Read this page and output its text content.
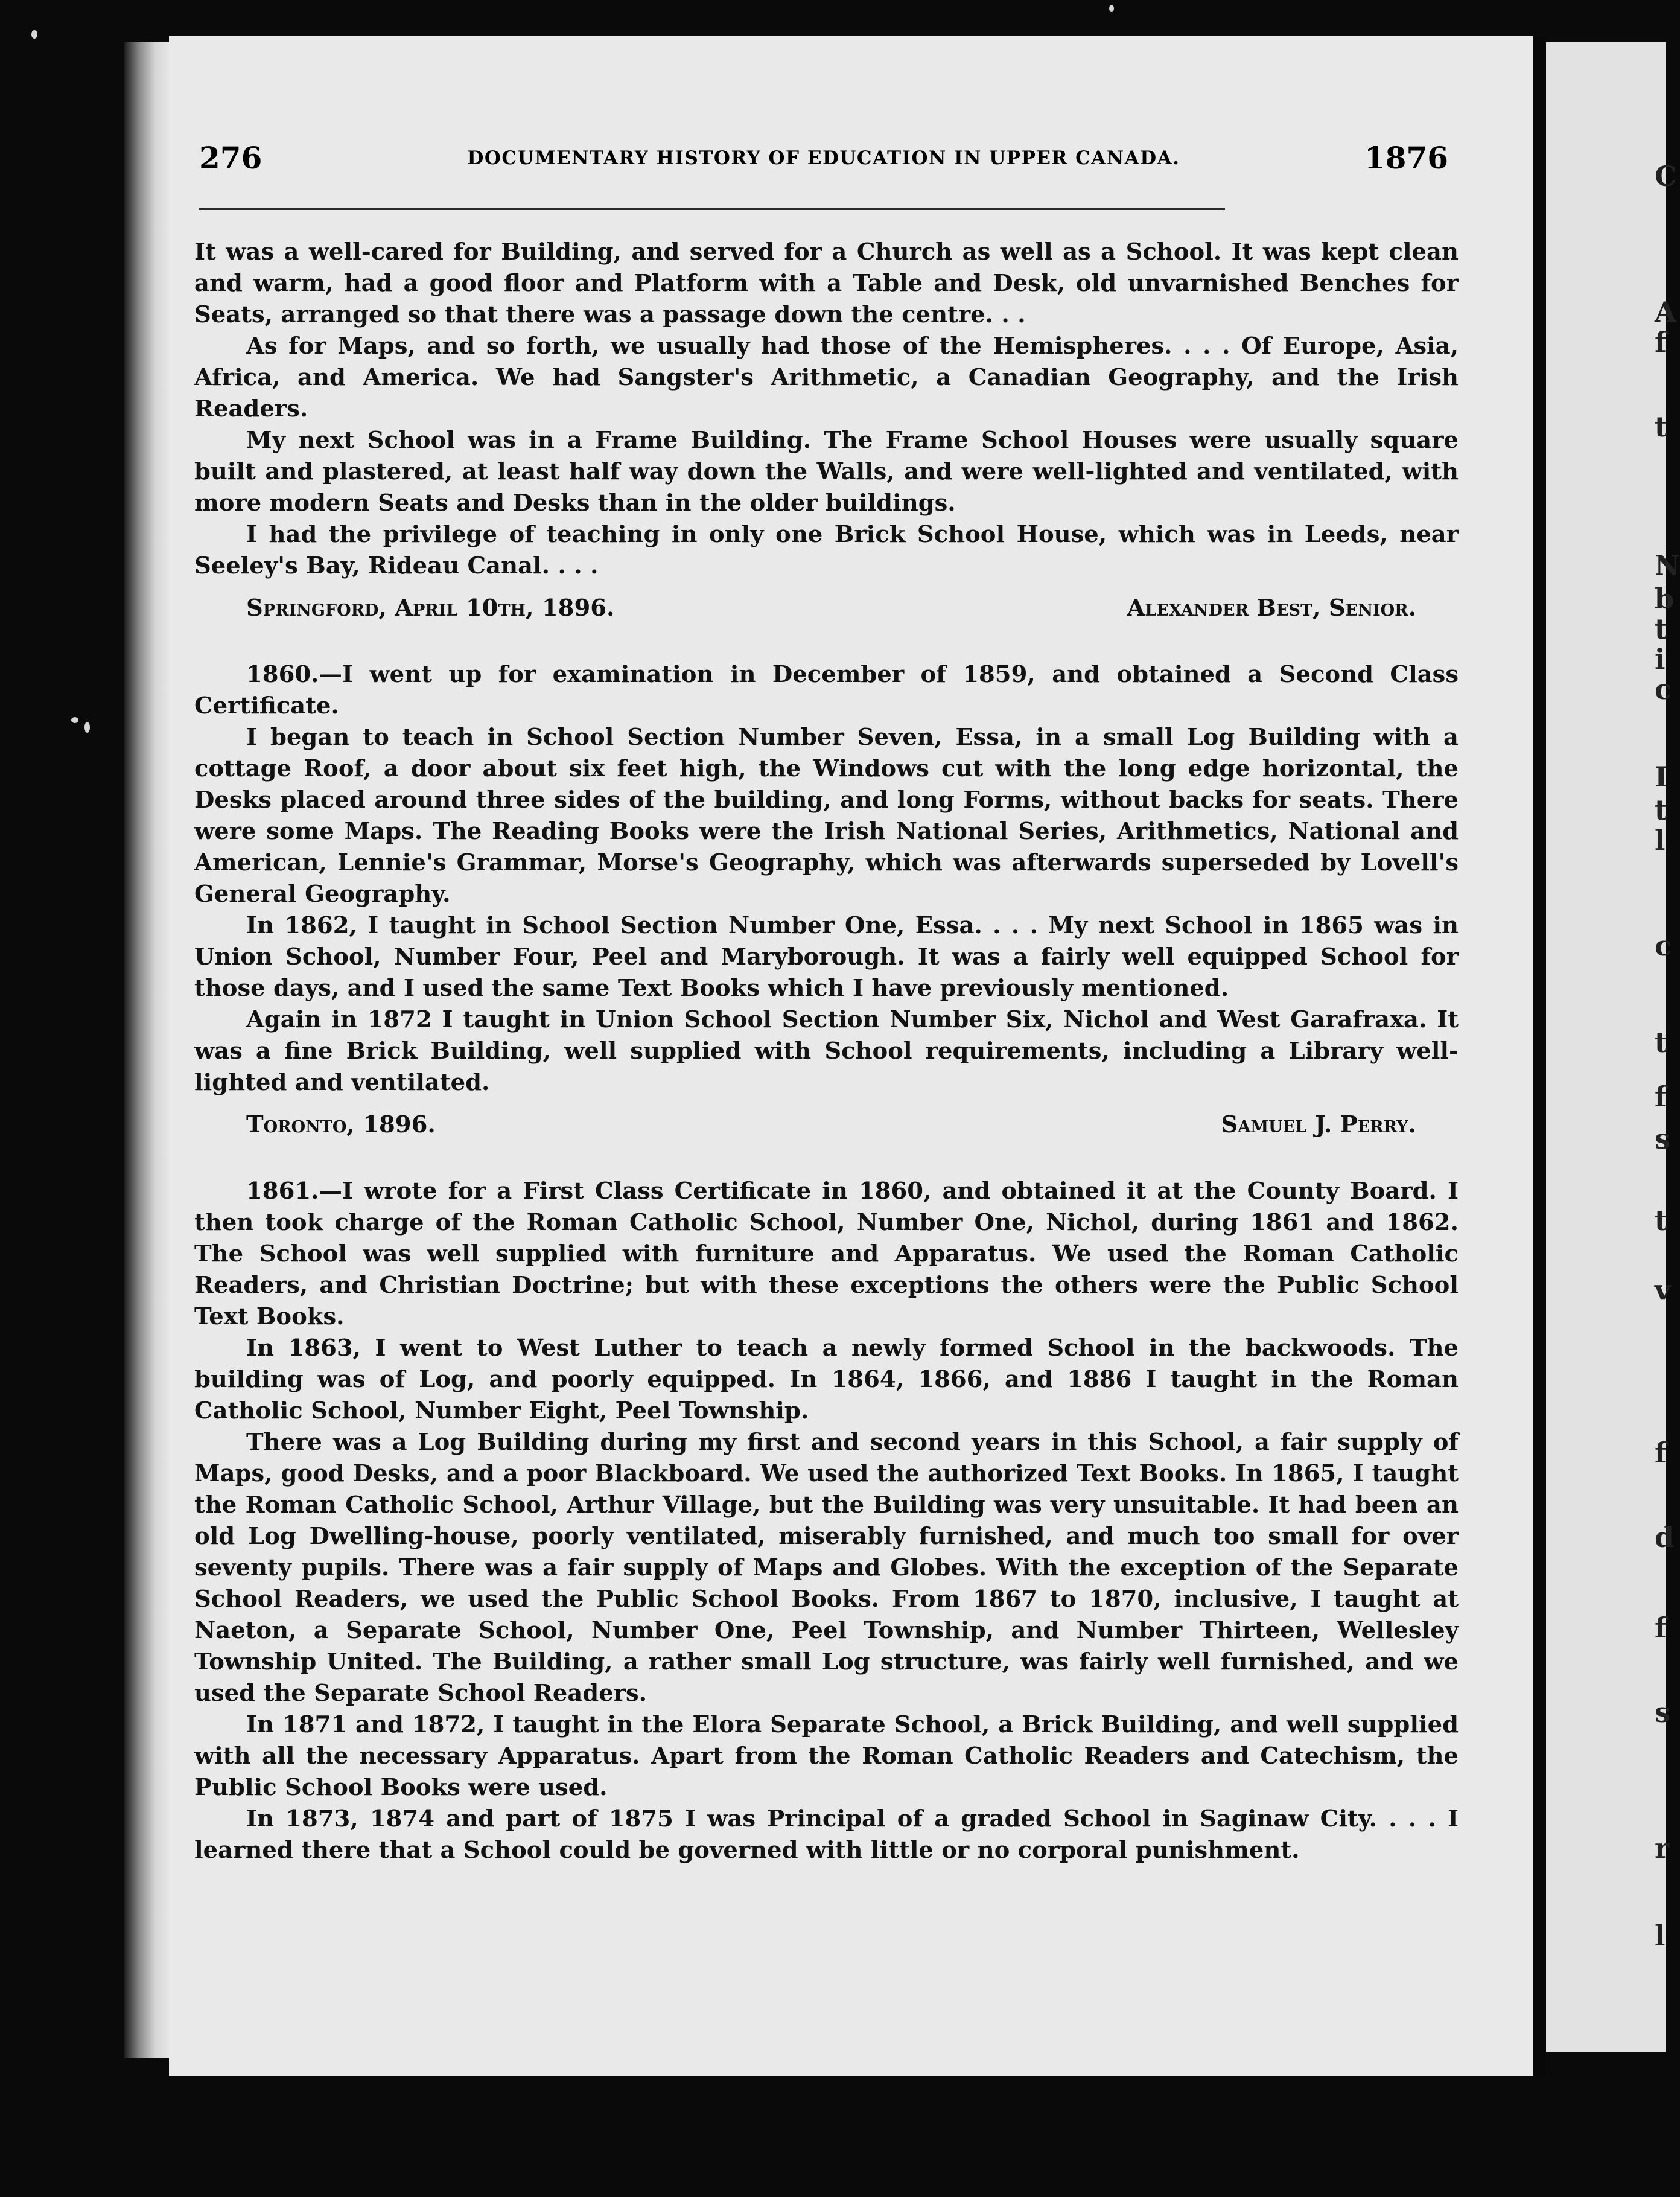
C
A
f
t
N
b
t
i
c
I
t
l
c
t
f
s
t
v
f
d
f
s
r
l
276	DOCUMENTARY HISTORY OF EDUCATION IN UPPER CANADA.	1876

It was a well-cared for Building, and served for a Church as well as a School. It was kept clean and warm, had a good floor and Platform with a Table and Desk, old unvarnished Benches for Seats, arranged so that there was a passage down the centre. . .

As for Maps, and so forth, we usually had those of the Hemispheres. . . . Of Europe, Asia, Africa, and America. We had Sangster's Arithmetic, a Canadian Geography, and the Irish Readers.

My next School was in a Frame Building. The Frame School Houses were usually square built and plastered, at least half way down the Walls, and were well-lighted and ventilated, with more modern Seats and Desks than in the older buildings.

I had the privilege of teaching in only one Brick School House, which was in Leeds, near Seeley's Bay, Rideau Canal. . . .

Springford, April 10th, 1896.	Alexander Best, Senior.

1860.—I went up for examination in December of 1859, and obtained a Second Class Certificate.

I began to teach in School Section Number Seven, Essa, in a small Log Building with a cottage Roof, a door about six feet high, the Windows cut with the long edge horizontal, the Desks placed around three sides of the building, and long Forms, without backs for seats. There were some Maps. The Reading Books were the Irish National Series, Arithmetics, National and American, Lennie's Grammar, Morse's Geography, which was afterwards superseded by Lovell's General Geography.

In 1862, I taught in School Section Number One, Essa. . . . My next School in 1865 was in Union School, Number Four, Peel and Maryborough. It was a fairly well equipped School for those days, and I used the same Text Books which I have previously mentioned.

Again in 1872 I taught in Union School Section Number Six, Nichol and West Garafraxa. It was a fine Brick Building, well supplied with School requirements, including a Library well-lighted and ventilated.

Toronto, 1896.	Samuel J. Perry.

1861.—I wrote for a First Class Certificate in 1860, and obtained it at the County Board. I then took charge of the Roman Catholic School, Number One, Nichol, during 1861 and 1862. The School was well supplied with furniture and Apparatus. We used the Roman Catholic Readers, and Christian Doctrine; but with these exceptions the others were the Public School Text Books.

In 1863, I went to West Luther to teach a newly formed School in the backwoods. The building was of Log, and poorly equipped. In 1864, 1866, and 1886 I taught in the Roman Catholic School, Number Eight, Peel Township.

There was a Log Building during my first and second years in this School, a fair supply of Maps, good Desks, and a poor Blackboard. We used the authorized Text Books. In 1865, I taught the Roman Catholic School, Arthur Village, but the Building was very unsuitable. It had been an old Log Dwelling-house, poorly ventilated, miserably furnished, and much too small for over seventy pupils. There was a fair supply of Maps and Globes. With the exception of the Separate School Readers, we used the Public School Books. From 1867 to 1870, inclusive, I taught at Naeton, a Separate School, Number One, Peel Township, and Number Thirteen, Wellesley Township United. The Building, a rather small Log structure, was fairly well furnished, and we used the Separate School Readers.

In 1871 and 1872, I taught in the Elora Separate School, a Brick Building, and well supplied with all the necessary Apparatus. Apart from the Roman Catholic Readers and Catechism, the Public School Books were used.

In 1873, 1874 and part of 1875 I was Principal of a graded School in Saginaw City. . . . I learned there that a School could be governed with little or no corporal punishment.
